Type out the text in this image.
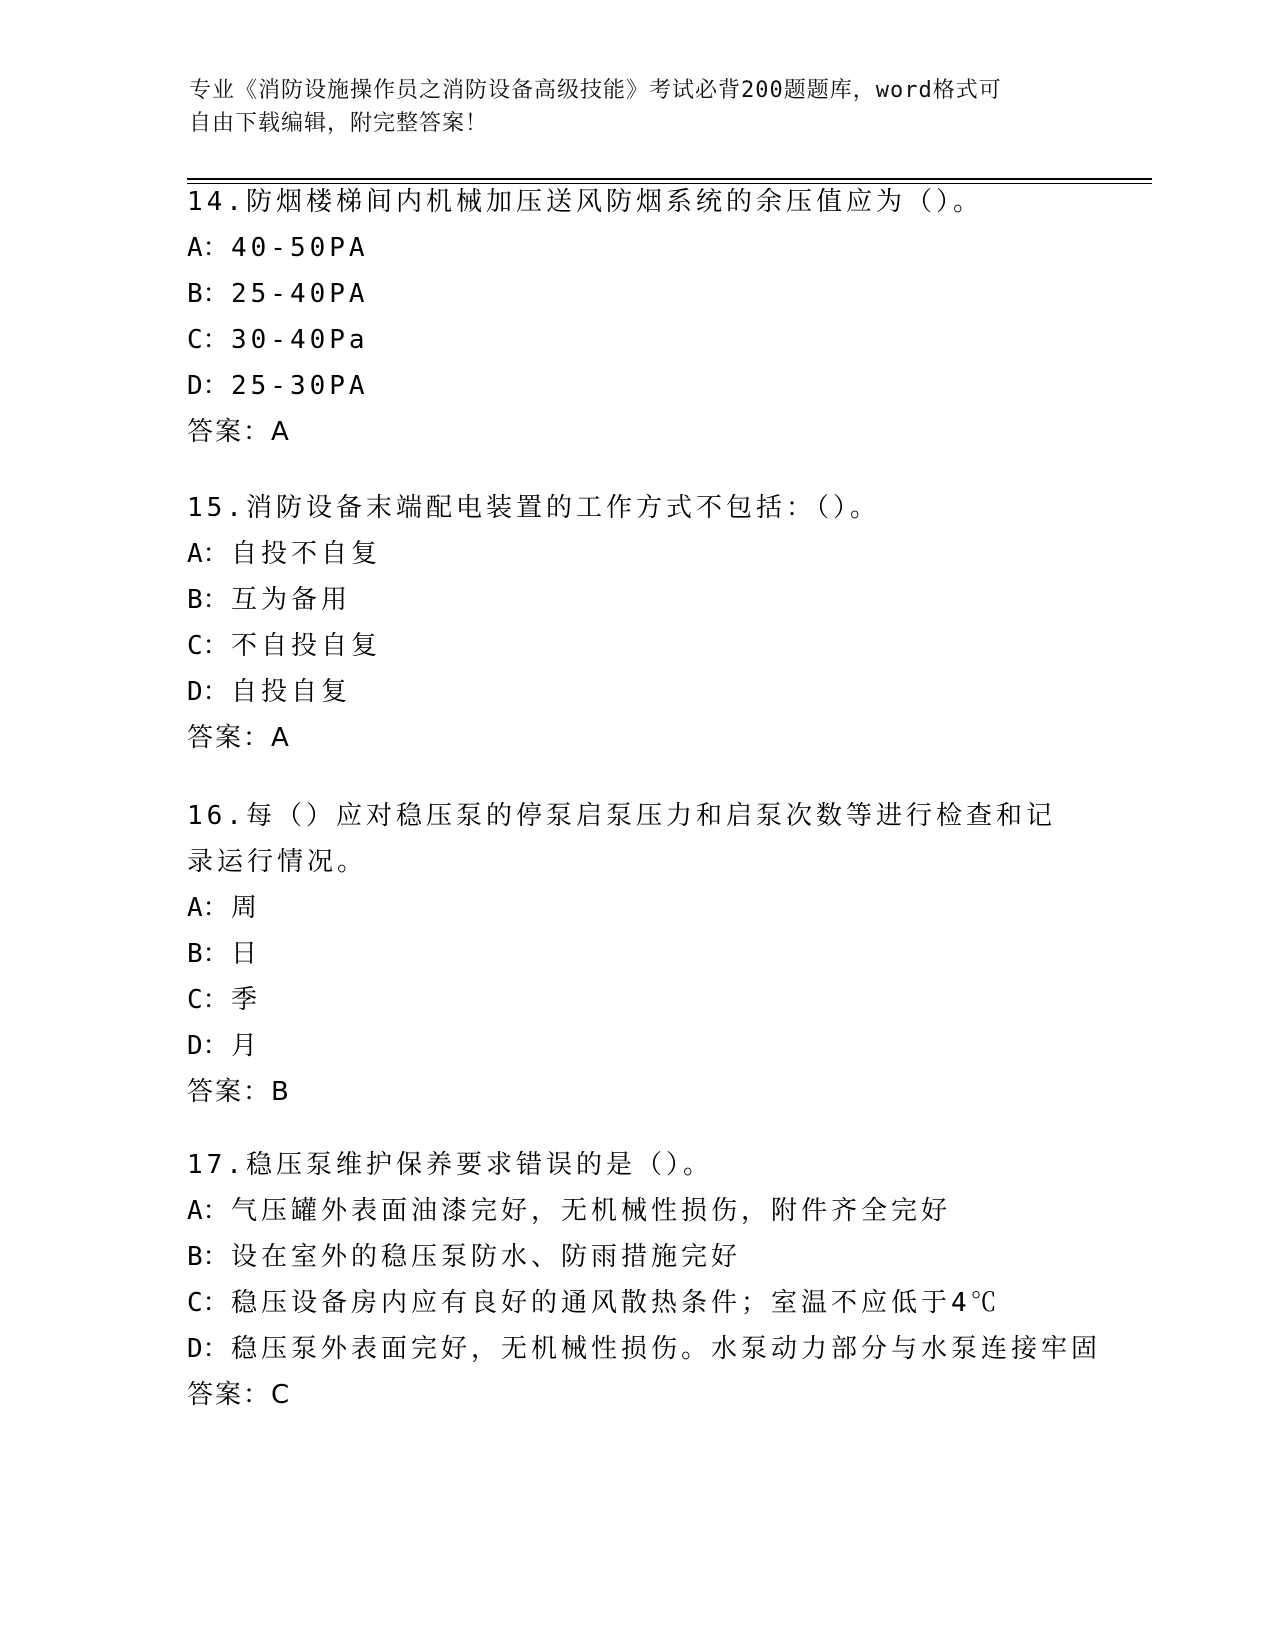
专业《消防设施操作员之消防设备高级技能》考试必背200题题库，word格式可
自由下载编辑，附完整答案！

14.防烟楼梯间内机械加压送风防烟系统的余压值应为（）。

A：40-50PA

B：25-40PA

C：30-40Pa

D：25-30PA

答案：A

15.消防设备末端配电装置的工作方式不包括：（）。

A：自投不自复

B：互为备用

C：不自投自复

D：自投自复

答案：A

16.每（）应对稳压泵的停泵启泵压力和启泵次数等进行检查和记录运行情况。

A：周

B：日

C：季

D：月

答案：B

17.稳压泵维护保养要求错误的是（）。

A：气压罐外表面油漆完好，无机械性损伤，附件齐全完好

B：设在室外的稳压泵防水、防雨措施完好

C：稳压设备房内应有良好的通风散热条件；室温不应低于4℃

D：稳压泵外表面完好，无机械性损伤。水泵动力部分与水泵连接牢固

答案：C
